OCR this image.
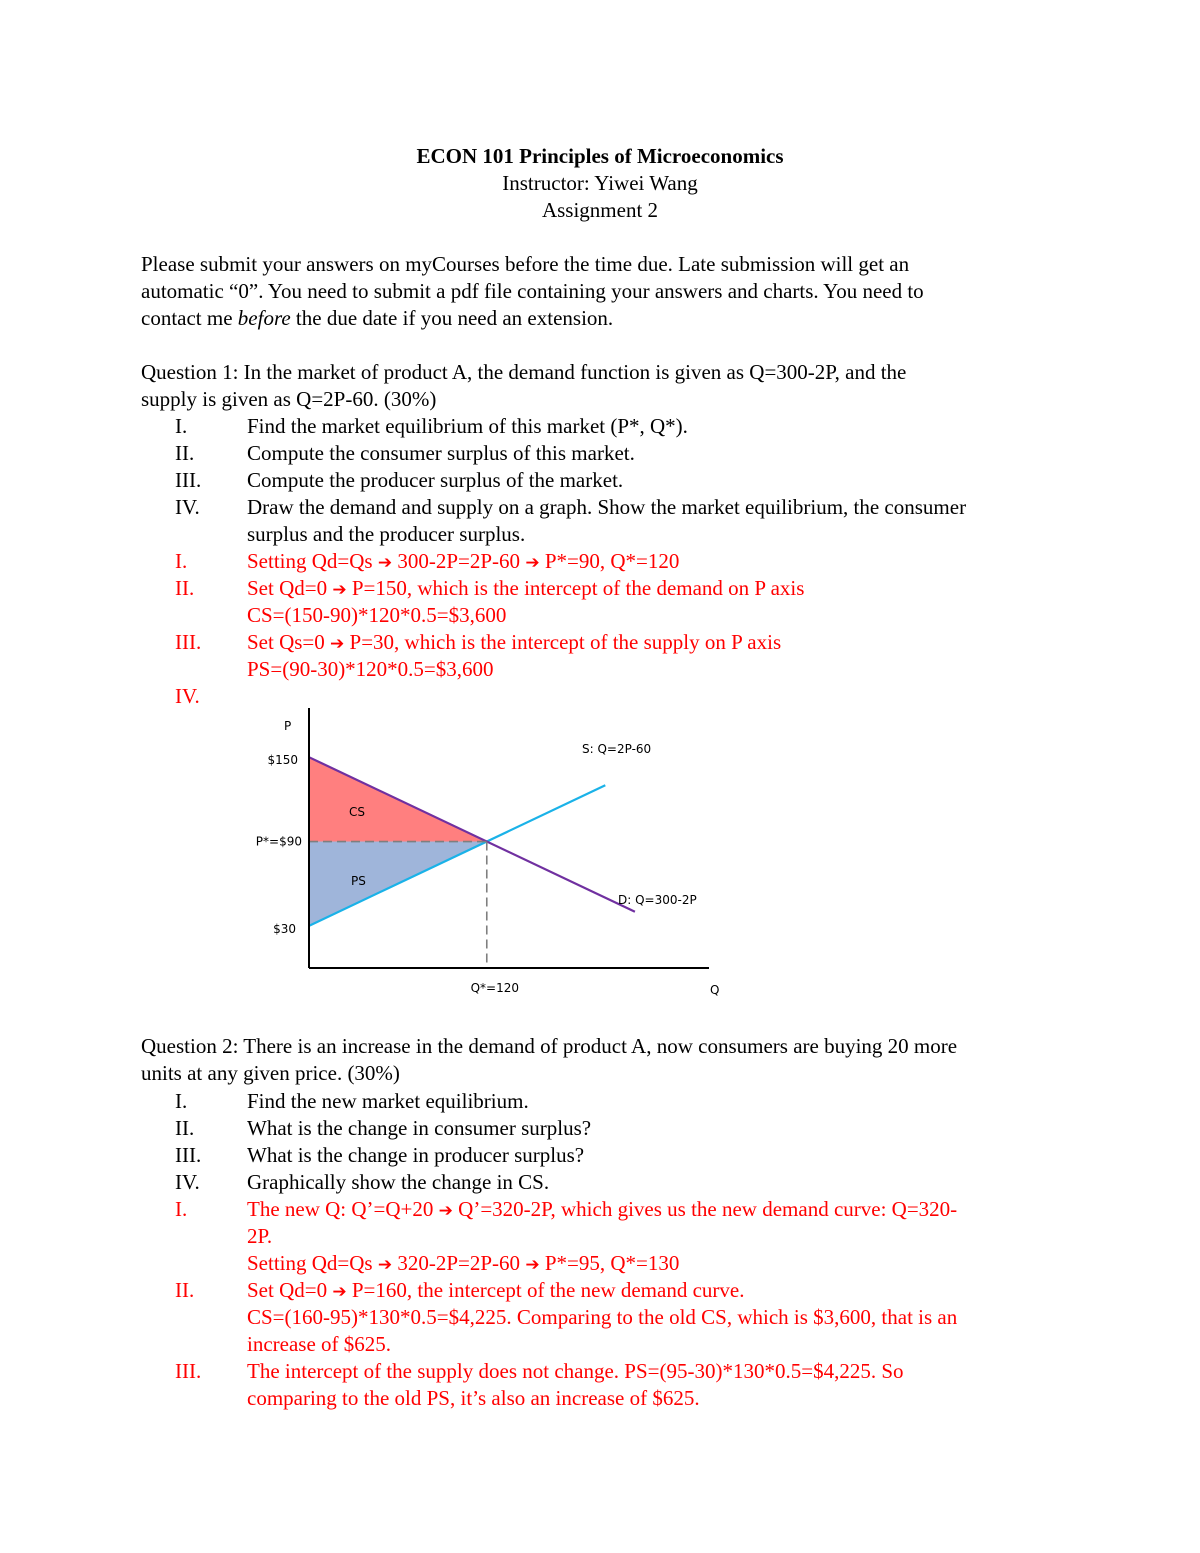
ECON 101 Principles of Microeconomics
Instructor: Yiwei Wang
Assignment 2
Please submit your answers on myCourses before the time due. Late submission will get an
automatic “0”. You need to submit a pdf file containing your answers and charts. You need to
contact me before the due date if you need an extension.
Question 1: In the market of product A, the demand function is given as Q=300-2P, and the
supply is given as Q=2P-60. (30%)
I.	Find the market equilibrium of this market (P*, Q*).
II.	Compute the consumer surplus of this market.
III. Compute the producer surplus of the market.
IV. Draw the demand and supply on a graph. Show the market equilibrium, the consumer
surplus and the producer surplus.
I.	Setting Qd=Qs ➔ 300-2P=2P-60 ➔ P*=90, Q*=120
II.	Set Qd=0 ➔ P=150, which is the intercept of the demand on P axis
CS=(150-90)*120*0.5=$3,600
III. Set Qs=0 ➔ P=30, which is the intercept of the supply on P axis
PS=(90-30)*120*0.5=$3,600
IV.
P
Q
$150
P*=$90
$30
Q*=120
S: Q=2P-60
D: Q=300-2P
CS
PS
Question 2: There is an increase in the demand of product A, now consumers are buying 20 more
units at any given price. (30%)
I.	Find the new market equilibrium.
II.	What is the change in consumer surplus?
III. What is the change in producer surplus?
IV. Graphically show the change in CS.
I.	The new Q: Q’=Q+20 ➔ Q’=320-2P, which gives us the new demand curve: Q=320-
2P.
Setting Qd=Qs ➔ 320-2P=2P-60 ➔ P*=95, Q*=130
II.	Set Qd=0 ➔ P=160, the intercept of the new demand curve.
CS=(160-95)*130*0.5=$4,225. Comparing to the old CS, which is $3,600, that is an
increase of $625.
III. The intercept of the supply does not change. PS=(95-30)*130*0.5=$4,225. So
comparing to the old PS, it’s also an increase of $625.
